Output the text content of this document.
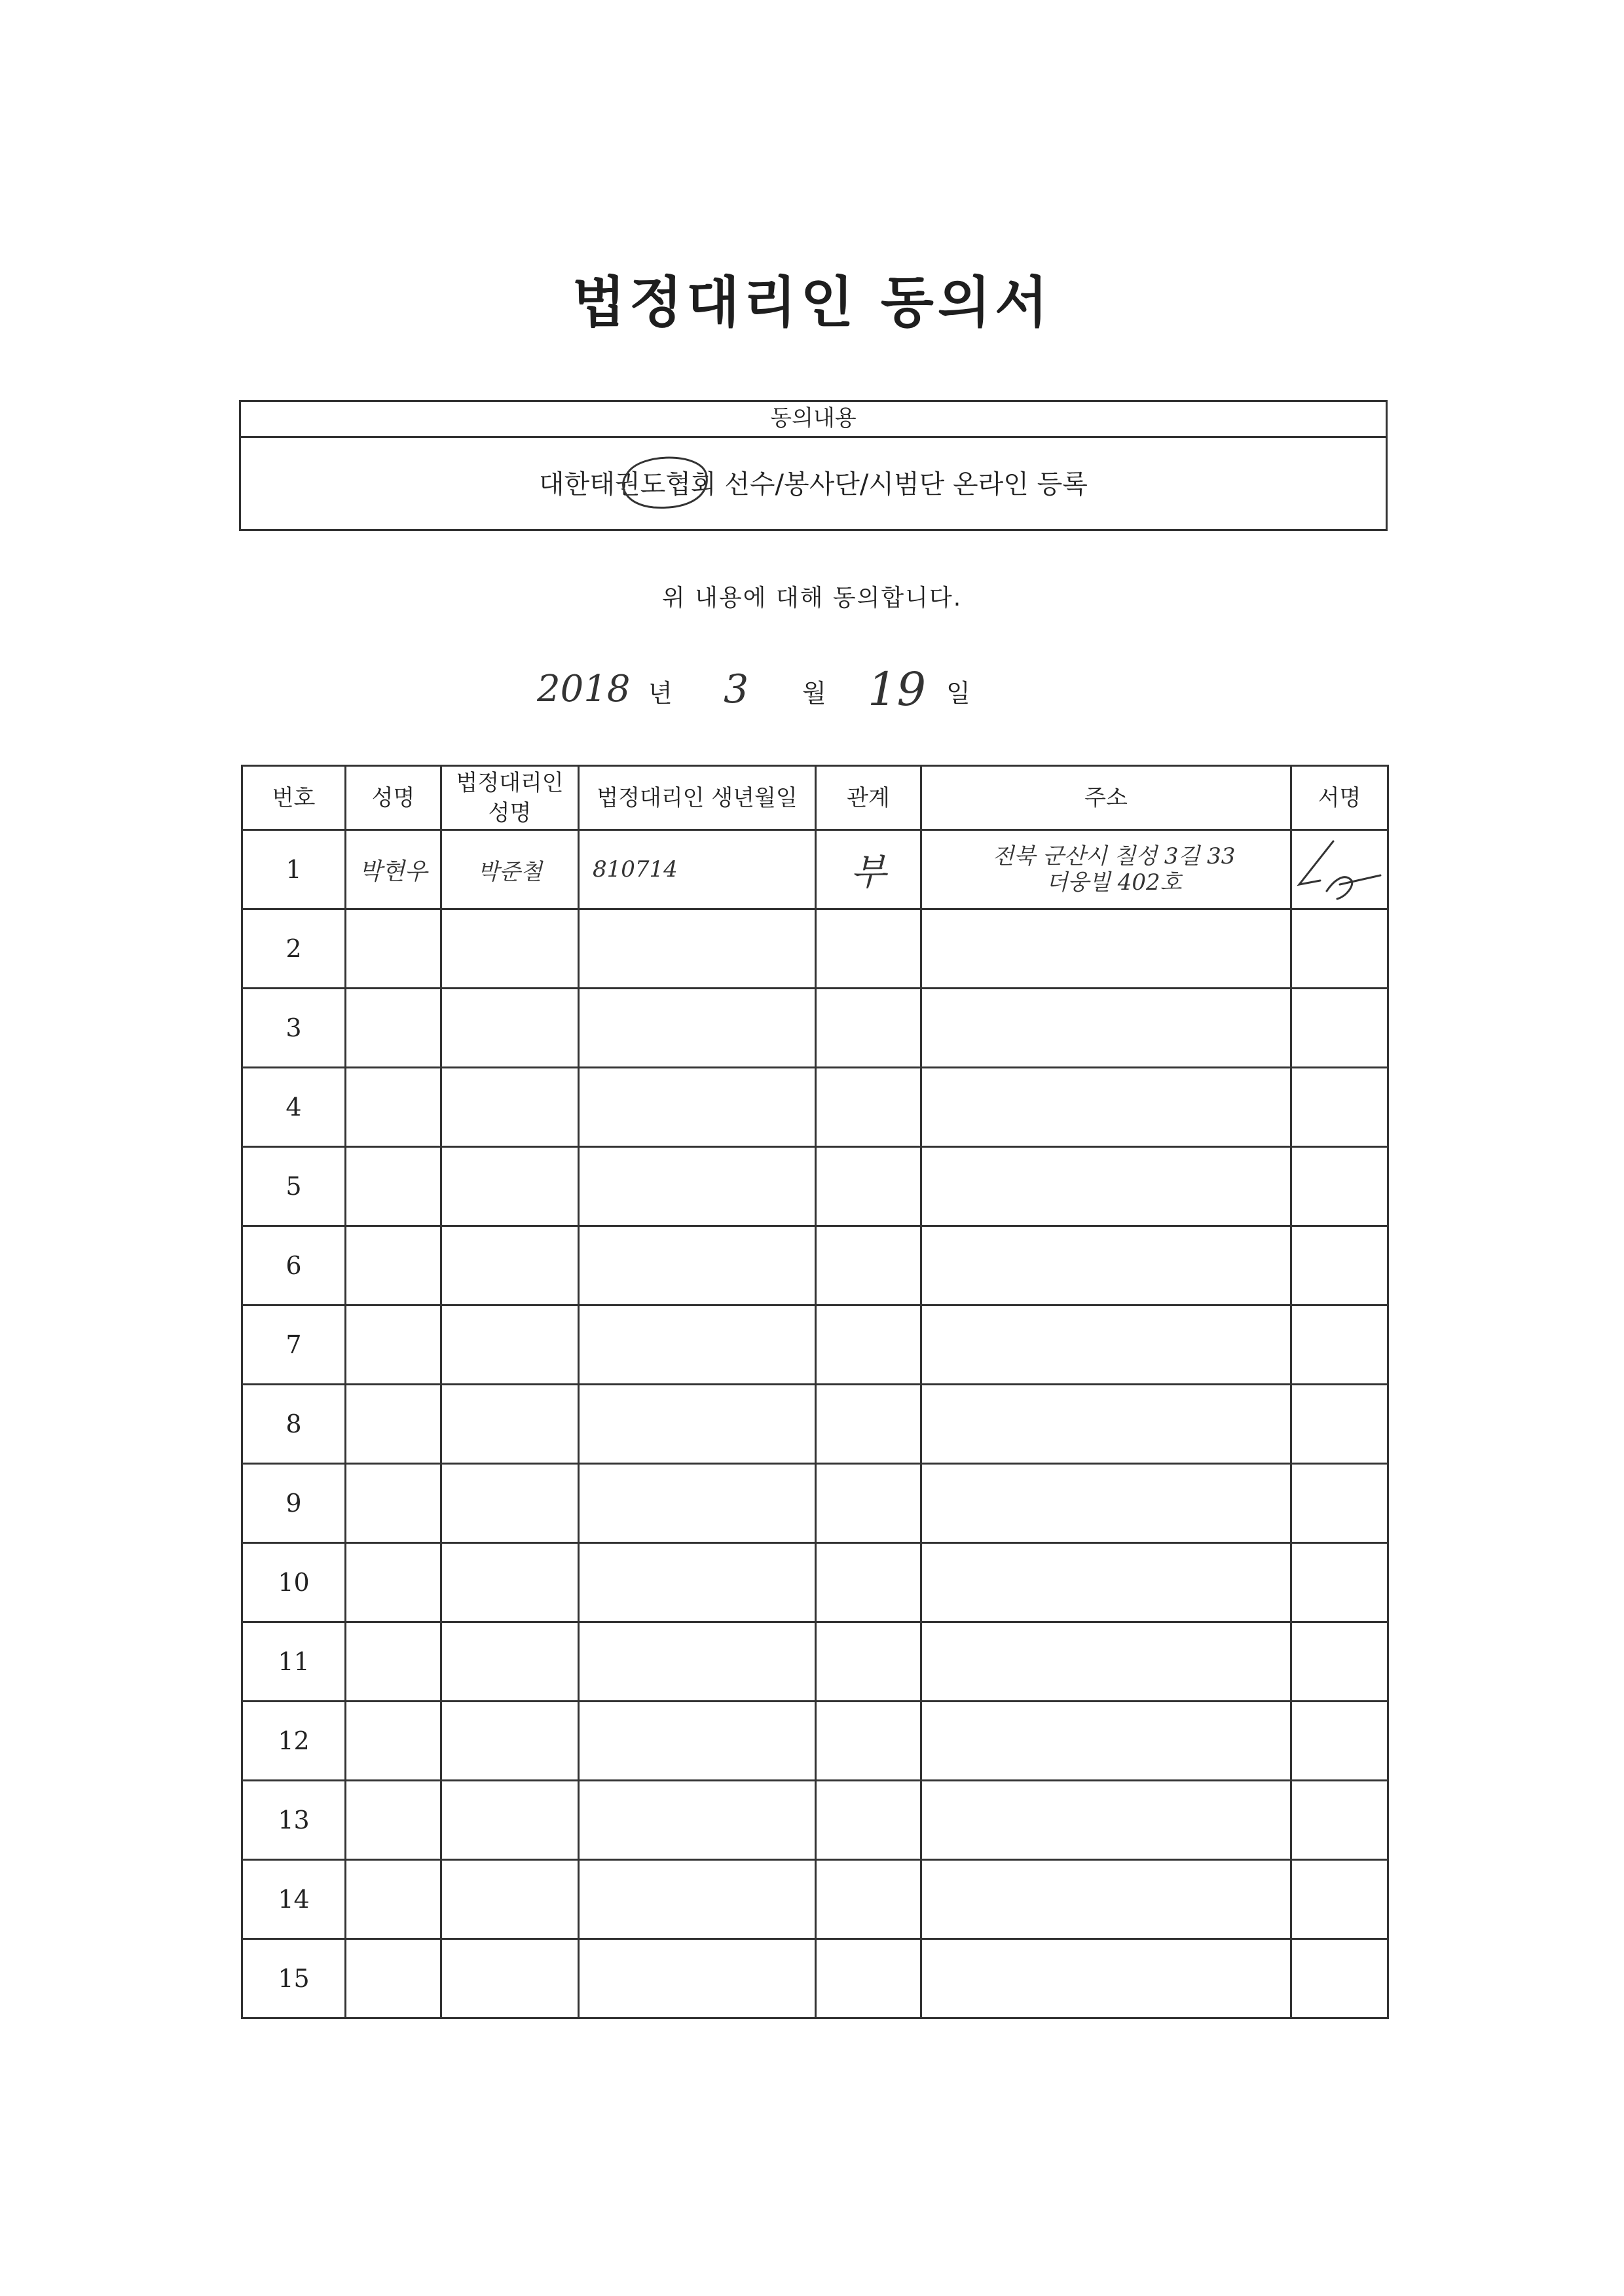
법정대리인 동의서
동의내용
대한태권도협회 선수/봉사단/시범단 온라인 등록
위 내용에 대해 동의합니다.
2018 년 3 월 19 일
번호	성명	법정대리인 성명	법정대리인 생년월일	관계	주소	서명
1	박현우	박준철	810714	부	전북 군산시 칠성 3길 33
더웅빌 402호

2						
3						
4						
5						
6						
7						
8						
9						
10						
11						
12						
13						
14						
15						
